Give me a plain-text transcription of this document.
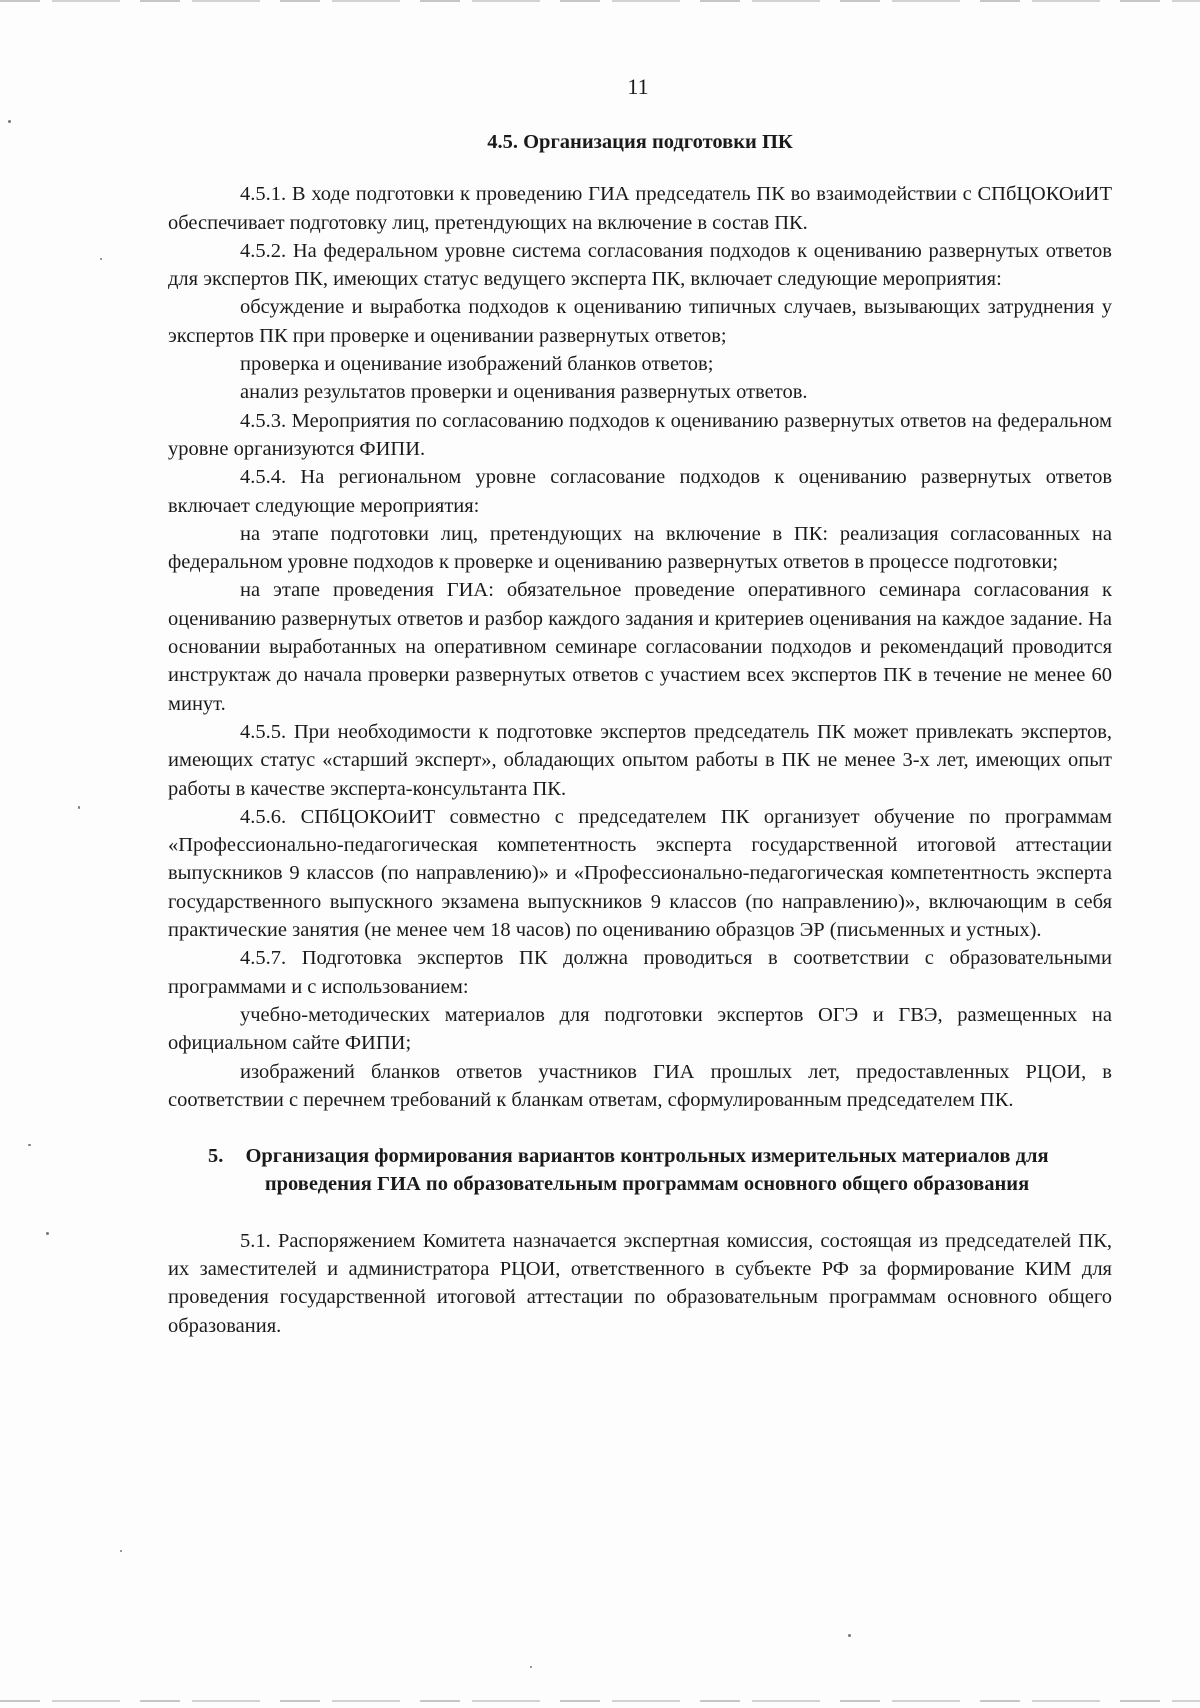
11
4.5. Организация подготовки ПК

4.5.1. В ходе подготовки к проведению ГИА председатель ПК во взаимодействии с СПбЦОКОиИТ обеспечивает подготовку лиц, претендующих на включение в состав ПК.

4.5.2. На федеральном уровне система согласования подходов к оцениванию развернутых ответов для экспертов ПК, имеющих статус ведущего эксперта ПК, включает следующие мероприятия:

обсуждение и выработка подходов к оцениванию типичных случаев, вызывающих затруднения у экспертов ПК при проверке и оценивании развернутых ответов;

проверка и оценивание изображений бланков ответов;

анализ результатов проверки и оценивания развернутых ответов.

4.5.3. Мероприятия по согласованию подходов к оцениванию развернутых ответов на федеральном уровне организуются ФИПИ.

4.5.4. На региональном уровне согласование подходов к оцениванию развернутых ответов включает следующие мероприятия:

на этапе подготовки лиц, претендующих на включение в ПК: реализация согласованных на федеральном уровне подходов к проверке и оцениванию развернутых ответов в процессе подготовки;

на этапе проведения ГИА: обязательное проведение оперативного семинара согласования к оцениванию развернутых ответов и разбор каждого задания и критериев оценивания на каждое задание. На основании выработанных на оперативном семинаре согласовании подходов и рекомендаций проводится инструктаж до начала проверки развернутых ответов с участием всех экспертов ПК в течение не менее 60 минут.

4.5.5. При необходимости к подготовке экспертов председатель ПК может привлекать экспертов, имеющих статус «старший эксперт», обладающих опытом работы в ПК не менее 3-х лет, имеющих опыт работы в качестве эксперта-консультанта ПК.

4.5.6. СПбЦОКОиИТ совместно с председателем ПК организует обучение по программам «Профессионально-педагогическая компетентность эксперта государственной итоговой аттестации выпускников 9 классов (по направлению)» и «Профессионально-педагогическая компетентность эксперта государственного выпускного экзамена выпускников 9 классов (по направлению)», включающим в себя практические занятия (не менее чем 18 часов) по оцениванию образцов ЭР (письменных и устных).

4.5.7. Подготовка экспертов ПК должна проводиться в соответствии с образовательными программами и с использованием:

учебно-методических материалов для подготовки экспертов ОГЭ и ГВЭ, размещенных на официальном сайте ФИПИ;

изображений бланков ответов участников ГИА прошлых лет, предоставленных РЦОИ, в соответствии с перечнем требований к бланкам ответам, сформулированным председателем ПК.

5. Организация формирования вариантов контрольных измерительных материалов для проведения ГИА по образовательным программам основного общего образования

5.1. Распоряжением Комитета назначается экспертная комиссия, состоящая из председателей ПК, их заместителей и администратора РЦОИ, ответственного в субъекте РФ за формирование КИМ для проведения государственной итоговой аттестации по образовательным программам основного общего образования.
